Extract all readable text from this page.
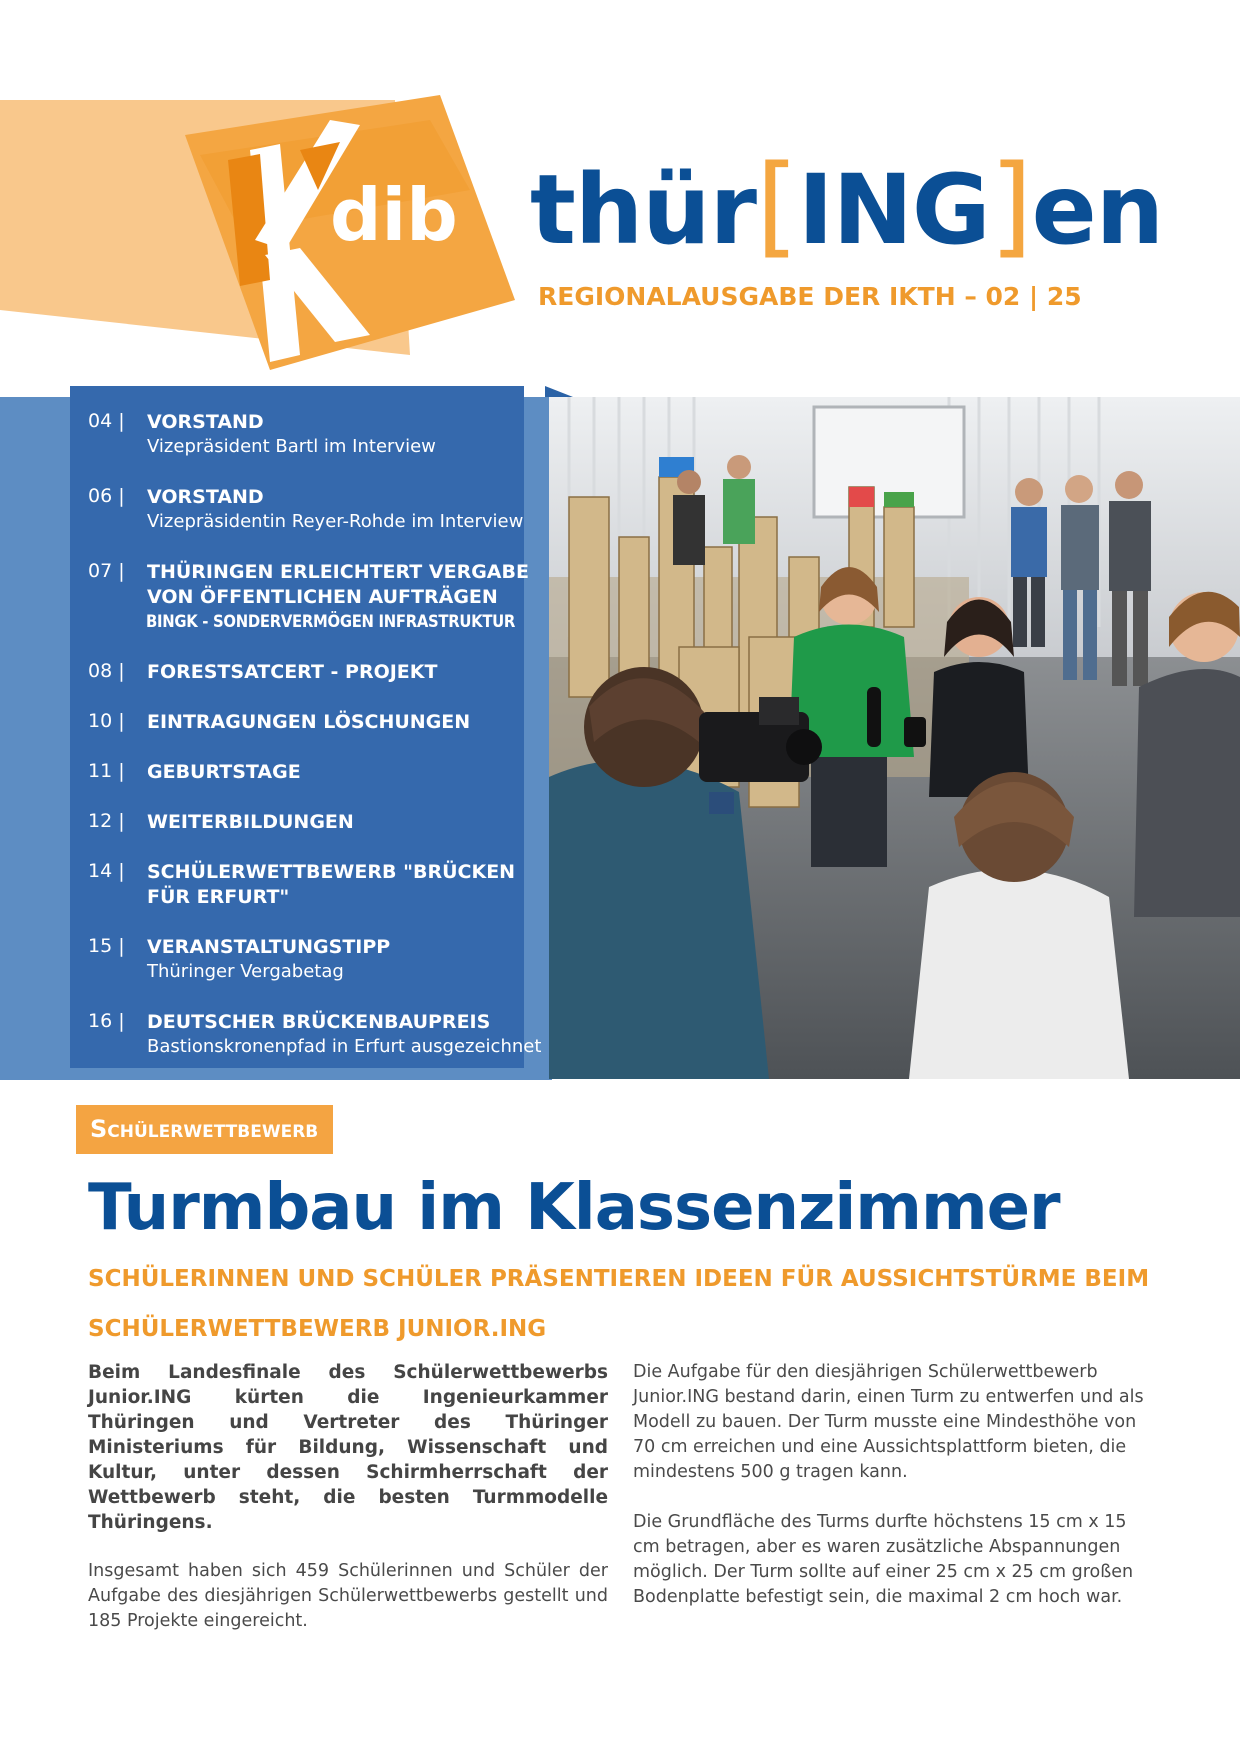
dib thür[ING]en
REGIONALAUSGABE DER IKTH – 02 | 25
04 | VORSTAND
Vizepräsident Bartl im Interview
06 | VORSTAND
Vizepräsidentin Reyer-Rohde im Interview
07 | THÜRINGEN ERLEICHTERT VERGABE
VON ÖFFENTLICHEN AUFTRÄGEN
BINGK - SONDERVERMÖGEN INFRASTRUKTUR
08 | FORESTSATCERT - PROJEKT
10 | EINTRAGUNGEN LÖSCHUNGEN
11 | GEBURTSTAGE
12 | WEITERBILDUNGEN
14 | SCHÜLERWETTBEWERB "BRÜCKEN
FÜR ERFURT"
15 | VERANSTALTUNGSTIPP
Thüringer Vergabetag
16 | DEUTSCHER BRÜCKENBAUPREIS
Bastionskronenpfad in Erfurt ausgezeichnet
Schülerwettbewerb
Turmbau im Klassenzimmer
SCHÜLERINNEN UND SCHÜLER PRÄSENTIEREN IDEEN FÜR AUSSICHTSTÜRME BEIM SCHÜLERWETTBEWERB JUNIOR.ING

Beim Landesfinale des Schülerwettbewerbs Junior.ING kürten die Ingenieurkammer Thüringen und Vertreter des Thüringer Ministeriums für Bildung, Wissenschaft und Kultur, unter dessen Schirmherrschaft der Wettbewerb steht, die besten Turmmodelle Thüringens.

Insgesamt haben sich 459 Schülerinnen und Schüler der Aufgabe des diesjährigen Schülerwettbewerbs gestellt und 185 Projekte eingereicht.

Die Aufgabe für den diesjährigen Schülerwettbewerb Junior.ING bestand darin, einen Turm zu entwerfen und als Modell zu bauen. Der Turm musste eine Mindesthöhe von 70 cm erreichen und eine Aussichtsplattform bieten, die mindestens 500 g tragen kann.

Die Grundfläche des Turms durfte höchstens 15 cm x 15 cm betragen, aber es waren zusätzliche Abspannungen möglich. Der Turm sollte auf einer 25 cm x 25 cm großen Bodenplatte befestigt sein, die maximal 2 cm hoch war.
